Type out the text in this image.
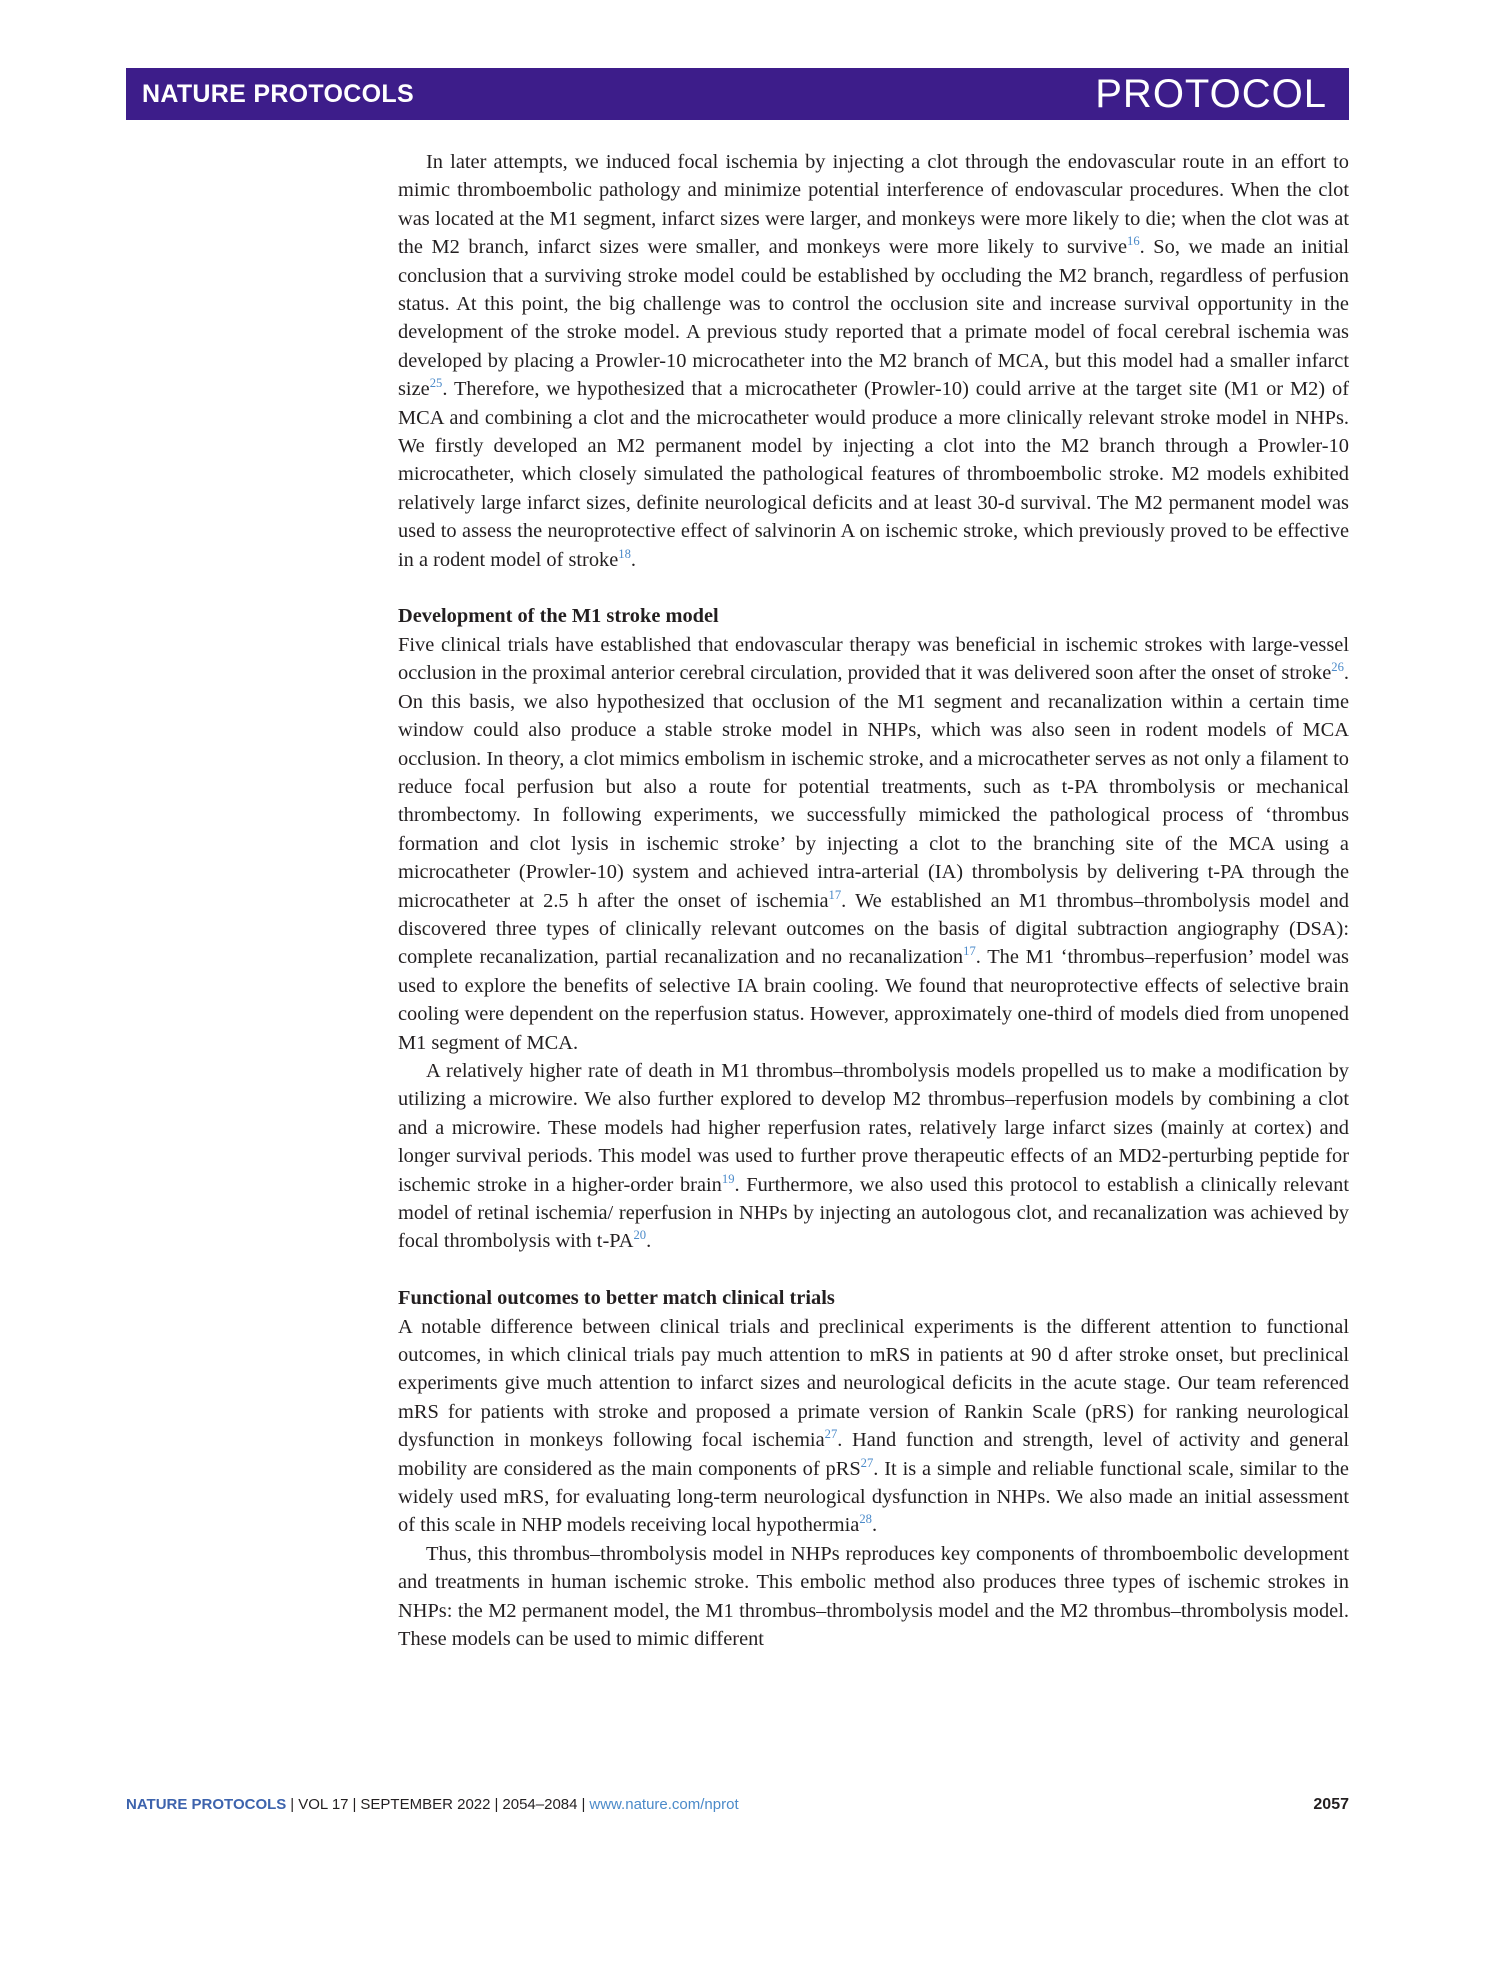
NATURE PROTOCOLS	PROTOCOL

In later attempts, we induced focal ischemia by injecting a clot through the endovascular route in an effort to mimic thromboembolic pathology and minimize potential interference of endovascular procedures. When the clot was located at the M1 segment, infarct sizes were larger, and monkeys were more likely to die; when the clot was at the M2 branch, infarct sizes were smaller, and monkeys were more likely to survive$^{16}$. So, we made an initial conclusion that a surviving stroke model could be established by occluding the M2 branch, regardless of perfusion status. At this point, the big challenge was to control the occlusion site and increase survival opportunity in the development of the stroke model. A previous study reported that a primate model of focal cerebral ischemia was developed by placing a Prowler-10 microcatheter into the M2 branch of MCA, but this model had a smaller infarct size$^{25}$. Therefore, we hypothesized that a microcatheter (Prowler-10) could arrive at the target site (M1 or M2) of MCA and combining a clot and the microcatheter would produce a more clinically relevant stroke model in NHPs. We firstly developed an M2 permanent model by injecting a clot into the M2 branch through a Prowler-10 microcatheter, which closely simulated the pathological features of thromboembolic stroke. M2 models exhibited relatively large infarct sizes, definite neurological deficits and at least 30-d survival. The M2 permanent model was used to assess the neuroprotective effect of salvinorin A on ischemic stroke, which previously proved to be effective in a rodent model of stroke$^{18}$.

Development of the M1 stroke model

Five clinical trials have established that endovascular therapy was beneficial in ischemic strokes with large-vessel occlusion in the proximal anterior cerebral circulation, provided that it was delivered soon after the onset of stroke$^{26}$. On this basis, we also hypothesized that occlusion of the M1 segment and recanalization within a certain time window could also produce a stable stroke model in NHPs, which was also seen in rodent models of MCA occlusion. In theory, a clot mimics embolism in ischemic stroke, and a microcatheter serves as not only a filament to reduce focal perfusion but also a route for potential treatments, such as t-PA thrombolysis or mechanical thrombectomy. In following experiments, we successfully mimicked the pathological process of ‘thrombus formation and clot lysis in ischemic stroke’ by injecting a clot to the branching site of the MCA using a microcatheter (Prowler-10) system and achieved intra-arterial (IA) thrombolysis by delivering t-PA through the microcatheter at 2.5 h after the onset of ischemia$^{17}$. We established an M1 thrombus–thrombolysis model and discovered three types of clinically relevant outcomes on the basis of digital subtraction angiography (DSA): complete recanalization, partial recanalization and no recanalization$^{17}$. The M1 ‘thrombus–reperfusion’ model was used to explore the benefits of selective IA brain cooling. We found that neuroprotective effects of selective brain cooling were dependent on the reperfusion status. However, approximately one-third of models died from unopened M1 segment of MCA.

A relatively higher rate of death in M1 thrombus–thrombolysis models propelled us to make a modification by utilizing a microwire. We also further explored to develop M2 thrombus–reperfusion models by combining a clot and a microwire. These models had higher reperfusion rates, relatively large infarct sizes (mainly at cortex) and longer survival periods. This model was used to further prove therapeutic effects of an MD2-perturbing peptide for ischemic stroke in a higher-order brain$^{19}$. Furthermore, we also used this protocol to establish a clinically relevant model of retinal ischemia/ reperfusion in NHPs by injecting an autologous clot, and recanalization was achieved by focal thrombolysis with t-PA$^{20}$.

Functional outcomes to better match clinical trials

A notable difference between clinical trials and preclinical experiments is the different attention to functional outcomes, in which clinical trials pay much attention to mRS in patients at 90 d after stroke onset, but preclinical experiments give much attention to infarct sizes and neurological deficits in the acute stage. Our team referenced mRS for patients with stroke and proposed a primate version of Rankin Scale (pRS) for ranking neurological dysfunction in monkeys following focal ischemia$^{27}$. Hand function and strength, level of activity and general mobility are considered as the main components of pRS$^{27}$. It is a simple and reliable functional scale, similar to the widely used mRS, for evaluating long-term neurological dysfunction in NHPs. We also made an initial assessment of this scale in NHP models receiving local hypothermia$^{28}$.

Thus, this thrombus–thrombolysis model in NHPs reproduces key components of thromboembolic development and treatments in human ischemic stroke. This embolic method also produces three types of ischemic strokes in NHPs: the M2 permanent model, the M1 thrombus–thrombolysis model and the M2 thrombus–thrombolysis model. These models can be used to mimic different

NATURE PROTOCOLS | VOL 17 | SEPTEMBER 2022 | 2054–2084 | www.nature.com/nprot	2057
